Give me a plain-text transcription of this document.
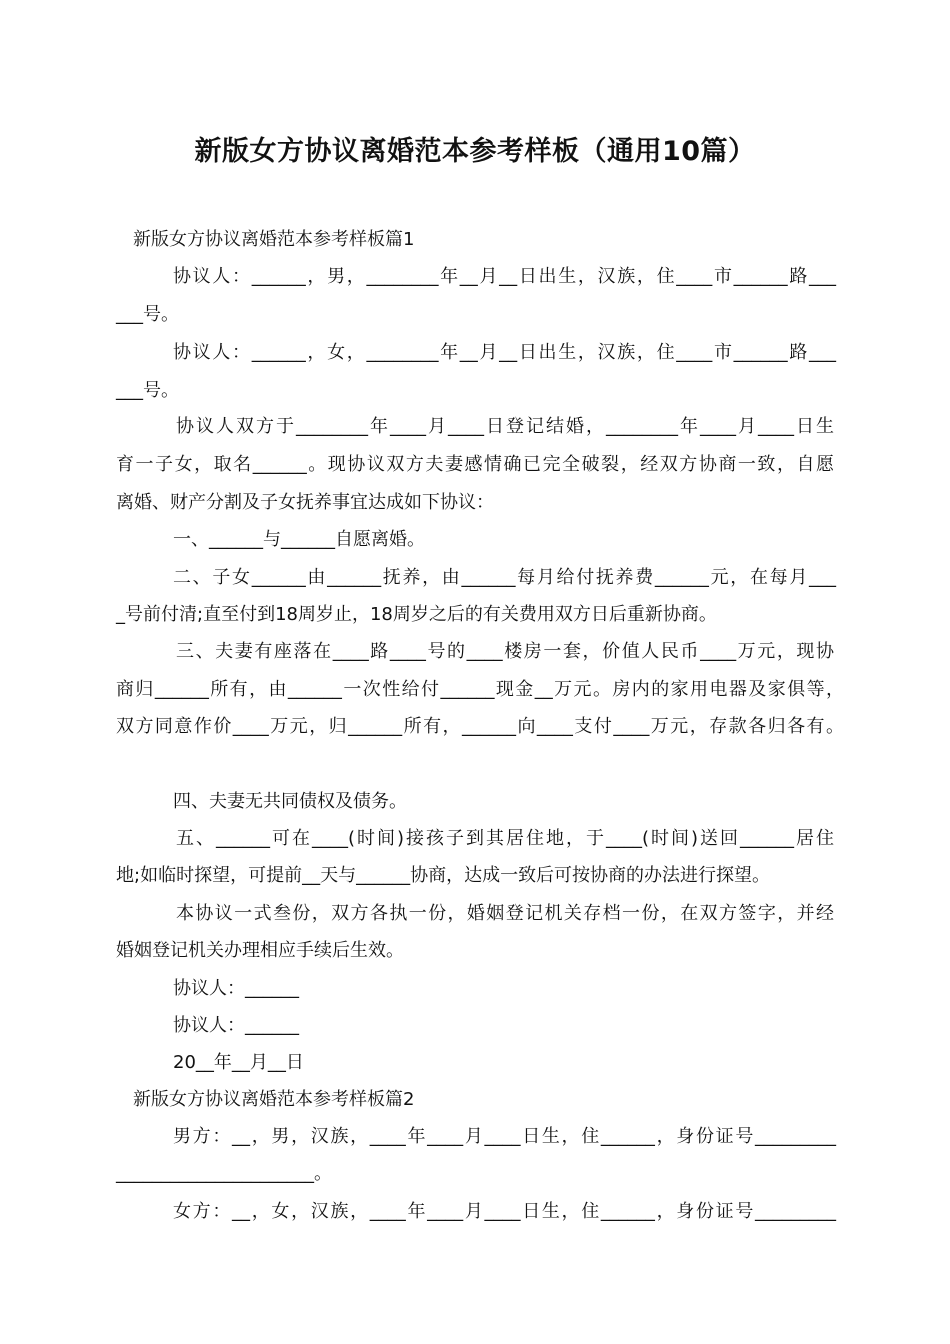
新版女方协议离婚范本参考样板（通用10篇）
新版女方协议离婚范本参考样板篇1
协议人：______，男，________年__月__日出生，汉族，住____市______路___
___号。
协议人：______，女，________年__月__日出生，汉族，住____市______路___
___号。
协议人双方于________年____月____日登记结婚，________年____月____日生
育一子女，取名______。现协议双方夫妻感情确已完全破裂，经双方协商一致，自愿
离婚、财产分割及子女抚养事宜达成如下协议：
一、______与______自愿离婚。
二、子女______由______抚养，由______每月给付抚养费______元，在每月___
_号前付清;直至付到18周岁止，18周岁之后的有关费用双方日后重新协商。
三、夫妻有座落在____路____号的____楼房一套，价值人民币____万元，现协
商归______所有，由______一次性给付______现金__万元。房内的家用电器及家俱等，
双方同意作价____万元，归______所有，______向____支付____万元，存款各归各有。
四、夫妻无共同债权及债务。
五、______可在____(时间)接孩子到其居住地，于____(时间)送回______居住
地;如临时探望，可提前__天与______协商，达成一致后可按协商的办法进行探望。
本协议一式叁份，双方各执一份，婚姻登记机关存档一份，在双方签字，并经
婚姻登记机关办理相应手续后生效。
协议人：______
协议人：______
20__年__月__日
新版女方协议离婚范本参考样板篇2
男方：__，男，汉族，____年____月____日生，住______，身份证号_________
______________________。
女方：__，女，汉族，____年____月____日生，住______，身份证号_________
